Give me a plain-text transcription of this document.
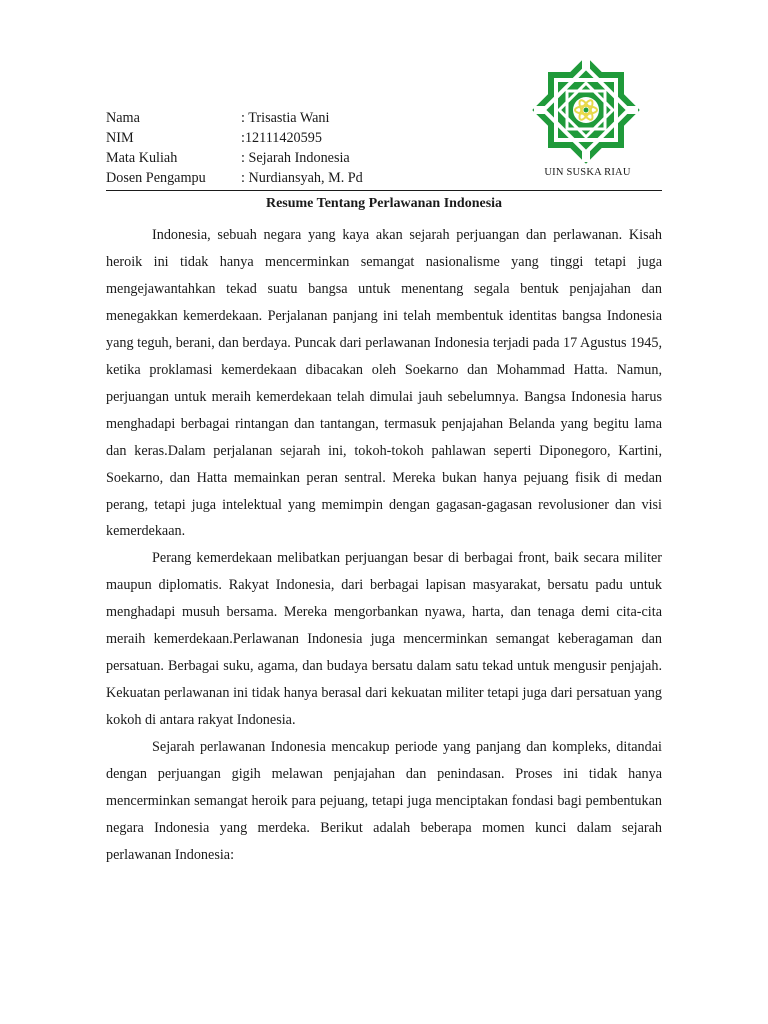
Nama	: Trisastia Wani
NIM	:12111420595
Mata Kuliah	: Sejarah Indonesia
Dosen Pengampu : Nurdiansyah, M. Pd	UIN SUSKA RIAU
Resume Tentang Perlawanan Indonesia

Indonesia, sebuah negara yang kaya akan sejarah perjuangan dan perlawanan. Kisah heroik ini tidak hanya mencerminkan semangat nasionalisme yang tinggi tetapi juga mengejawantahkan tekad suatu bangsa untuk menentang segala bentuk penjajahan dan menegakkan kemerdekaan. Perjalanan panjang ini telah membentuk identitas bangsa Indonesia yang teguh, berani, dan berdaya. Puncak dari perlawanan Indonesia terjadi pada 17 Agustus 1945, ketika proklamasi kemerdekaan dibacakan oleh Soekarno dan Mohammad Hatta. Namun, perjuangan untuk meraih kemerdekaan telah dimulai jauh sebelumnya. Bangsa Indonesia harus menghadapi berbagai rintangan dan tantangan, termasuk penjajahan Belanda yang begitu lama dan keras.Dalam perjalanan sejarah ini, tokoh-tokoh pahlawan seperti Diponegoro, Kartini, Soekarno, dan Hatta memainkan peran sentral. Mereka bukan hanya pejuang fisik di medan perang, tetapi juga intelektual yang memimpin dengan gagasan-gagasan revolusioner dan visi kemerdekaan.

Perang kemerdekaan melibatkan perjuangan besar di berbagai front, baik secara militer maupun diplomatis. Rakyat Indonesia, dari berbagai lapisan masyarakat, bersatu padu untuk menghadapi musuh bersama. Mereka mengorbankan nyawa, harta, dan tenaga demi cita-cita meraih kemerdekaan.Perlawanan Indonesia juga mencerminkan semangat keberagaman dan persatuan. Berbagai suku, agama, dan budaya bersatu dalam satu tekad untuk mengusir penjajah. Kekuatan perlawanan ini tidak hanya berasal dari kekuatan militer tetapi juga dari persatuan yang kokoh di antara rakyat Indonesia.

Sejarah perlawanan Indonesia mencakup periode yang panjang dan kompleks, ditandai dengan perjuangan gigih melawan penjajahan dan penindasan. Proses ini tidak hanya mencerminkan semangat heroik para pejuang, tetapi juga menciptakan fondasi bagi pembentukan negara Indonesia yang merdeka. Berikut adalah beberapa momen kunci dalam sejarah perlawanan Indonesia:
